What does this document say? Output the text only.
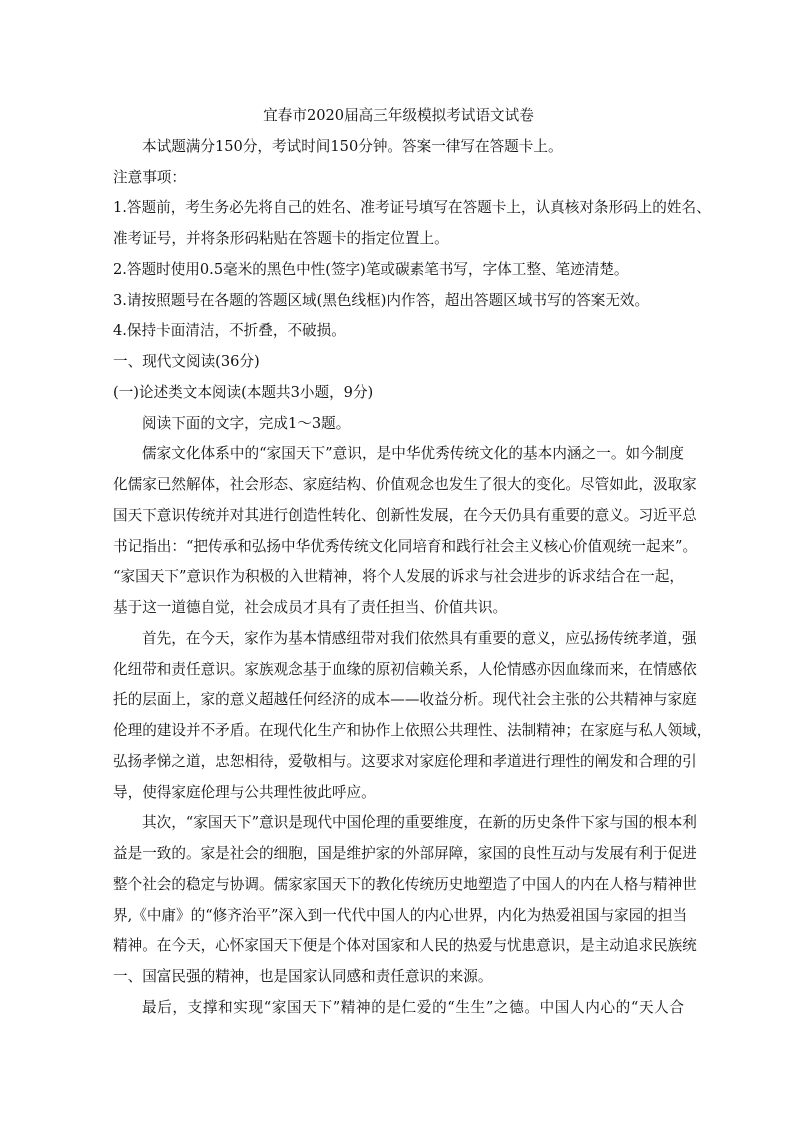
宜春市2020届高三年级模拟考试语文试卷
本试题满分150分，考试时间150分钟。答案一律写在答题卡上。
注意事项：
1.答题前，考生务必先将自己的姓名、准考证号填写在答题卡上，认真核对条形码上的姓名、
准考证号，并将条形码粘贴在答题卡的指定位置上。
2.答题时使用0.5毫米的黑色中性(签字)笔或碳素笔书写，字体工整、笔迹清楚。
3.请按照题号在各题的答题区域(黑色线框)内作答，超出答题区域书写的答案无效。
4.保持卡面清洁，不折叠，不破损。
一、现代文阅读(36分)
(一)论述类文本阅读(本题共3小题，9分)
阅读下面的文字，完成1～3题。
儒家文化体系中的“家国天下”意识，是中华优秀传统文化的基本内涵之一。如今制度
化儒家已然解体，社会形态、家庭结构、价值观念也发生了很大的变化。尽管如此，汲取家
国天下意识传统并对其进行创造性转化、创新性发展，在今天仍具有重要的意义。习近平总
书记指出：“把传承和弘扬中华优秀传统文化同培育和践行社会主义核心价值观统一起来”。
“家国天下”意识作为积极的入世精神，将个人发展的诉求与社会进步的诉求结合在一起，
基于这一道德自觉，社会成员才具有了责任担当、价值共识。
首先，在今天，家作为基本情感纽带对我们依然具有重要的意义，应弘扬传统孝道，强
化纽带和责任意识。家族观念基于血缘的原初信赖关系，人伦情感亦因血缘而来，在情感依
托的层面上，家的意义超越任何经济的成本——收益分析。现代社会主张的公共精神与家庭
伦理的建设并不矛盾。在现代化生产和协作上依照公共理性、法制精神；在家庭与私人领域，
弘扬孝悌之道，忠恕相待，爱敬相与。这要求对家庭伦理和孝道进行理性的阐发和合理的引
导，使得家庭伦理与公共理性彼此呼应。
其次，“家国天下”意识是现代中国伦理的重要维度，在新的历史条件下家与国的根本利
益是一致的。家是社会的细胞，国是维护家的外部屏障，家国的良性互动与发展有利于促进
整个社会的稳定与协调。儒家家国天下的教化传统历史地塑造了中国人的内在人格与精神世
界,《中庸》的“修齐治平”深入到一代代中国人的内心世界，内化为热爱祖国与家园的担当
精神。在今天，心怀家国天下便是个体对国家和人民的热爱与忧患意识，是主动追求民族统
一、国富民强的精神，也是国家认同感和责任意识的来源。
最后，支撑和实现“家国天下”精神的是仁爱的“生生”之德。中国人内心的“天人合
